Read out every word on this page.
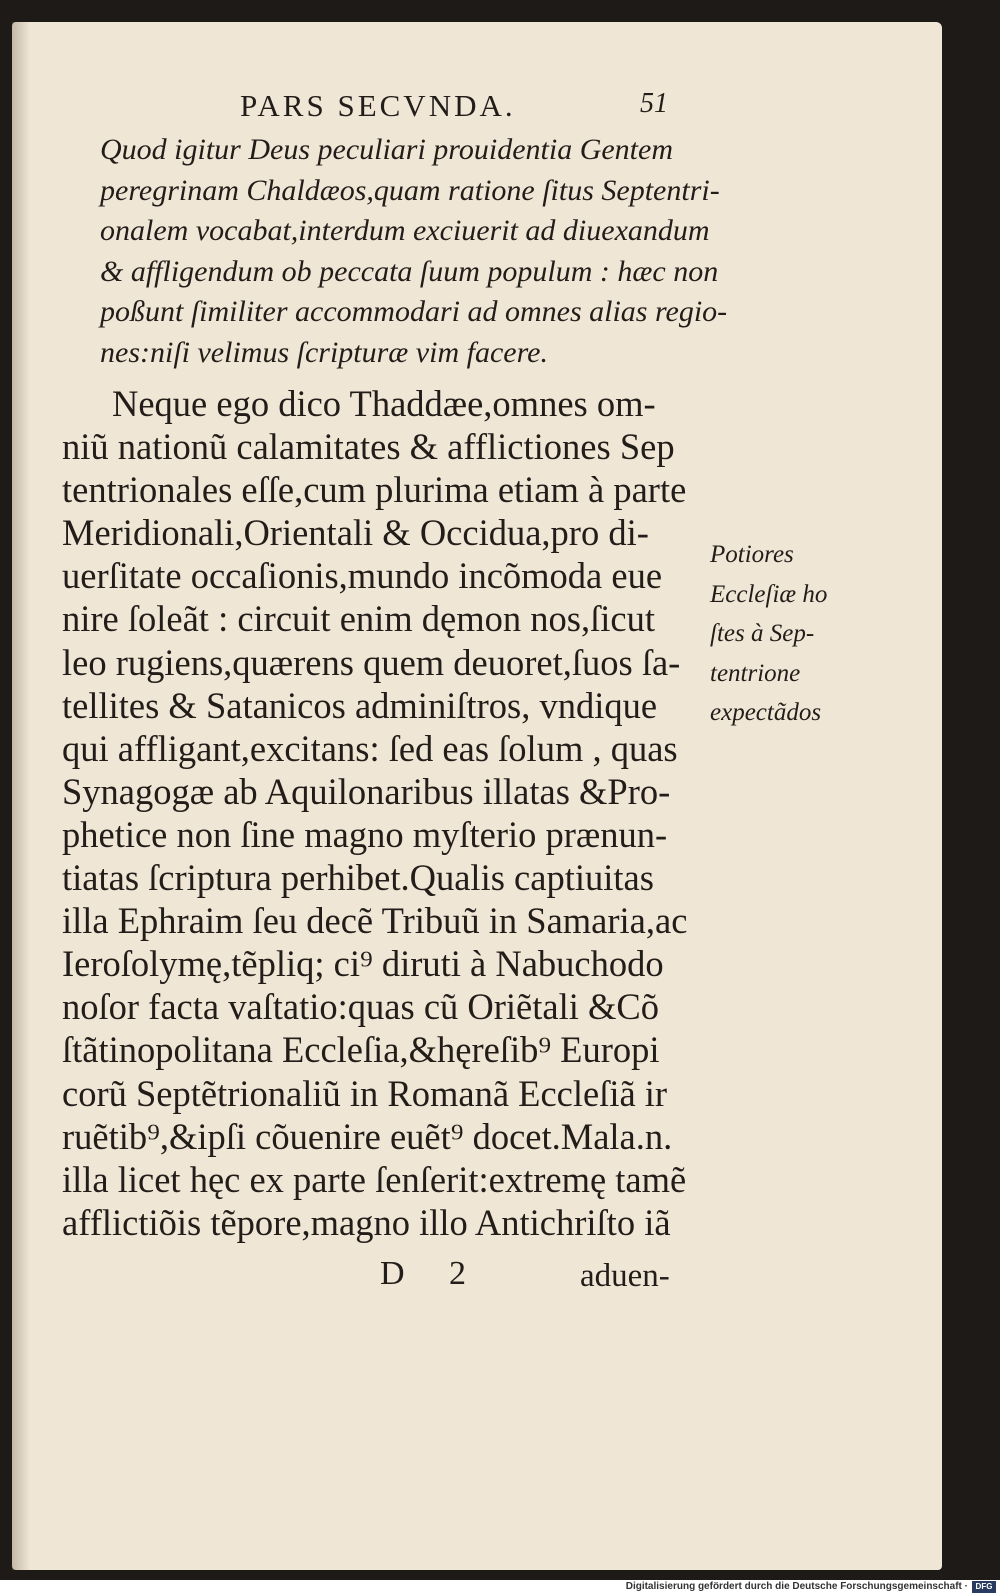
PARS SECVNDA.	51
Quod igitur Deus peculiari prouidentia Gentem
peregrinam Chaldæos,quam ratione ſitus Septentri-
onalem vocabat,interdum exciuerit ad diuexandum
& affligendum ob peccata ſuum populum : hæc non
poßunt ſimiliter accommodari ad omnes alias regio-
nes:niſi velimus ſcripturæ vim facere.
Neque ego dico Thaddæe,omnes om-
niũ nationũ calamitates & afflictiones Sep
tentrionales eſſe,cum plurima etiam à parte
Meridionali,Orientali & Occidua,pro di-
uerſitate occaſionis,mundo incõmoda eue
nire ſoleãt : circuit enim dęmon nos,ſicut
leo rugiens,quærens quem deuoret,ſuos ſa-
tellites & Satanicos adminiſtros, vndique
qui affligant,excitans: ſed eas ſolum , quas
Synagogæ ab Aquilonaribus illatas &Pro-
phetice non ſine magno myſterio prænun-
tiatas ſcriptura perhibet.Qualis captiuitas
illa Ephraim ſeu decẽ Tribuũ in Samaria,ac
Ieroſolymę,tẽpliq; ci⁹ diruti à Nabuchodo
noſor facta vaſtatio:quas cũ Oriẽtali &Cõ
ſtãtinopolitana Eccleſia,&hęreſib⁹ Europi
corũ Septẽtrionaliũ in Romanã Eccleſiã ir
ruẽtib⁹,&ipſi cõuenire euẽt⁹ docet.Mala.n.
illa licet hęc ex parte ſenſerit:extremę tamẽ
afflictiõis tẽpore,magno illo Antichriſto iã
Potiores
Eccleſiæ ho
ſtes à Sep-
tentrione
expectãdos
D 2	aduen-
Digitalisierung gefördert durch die Deutsche Forschungsgemeinschaft · DFG
